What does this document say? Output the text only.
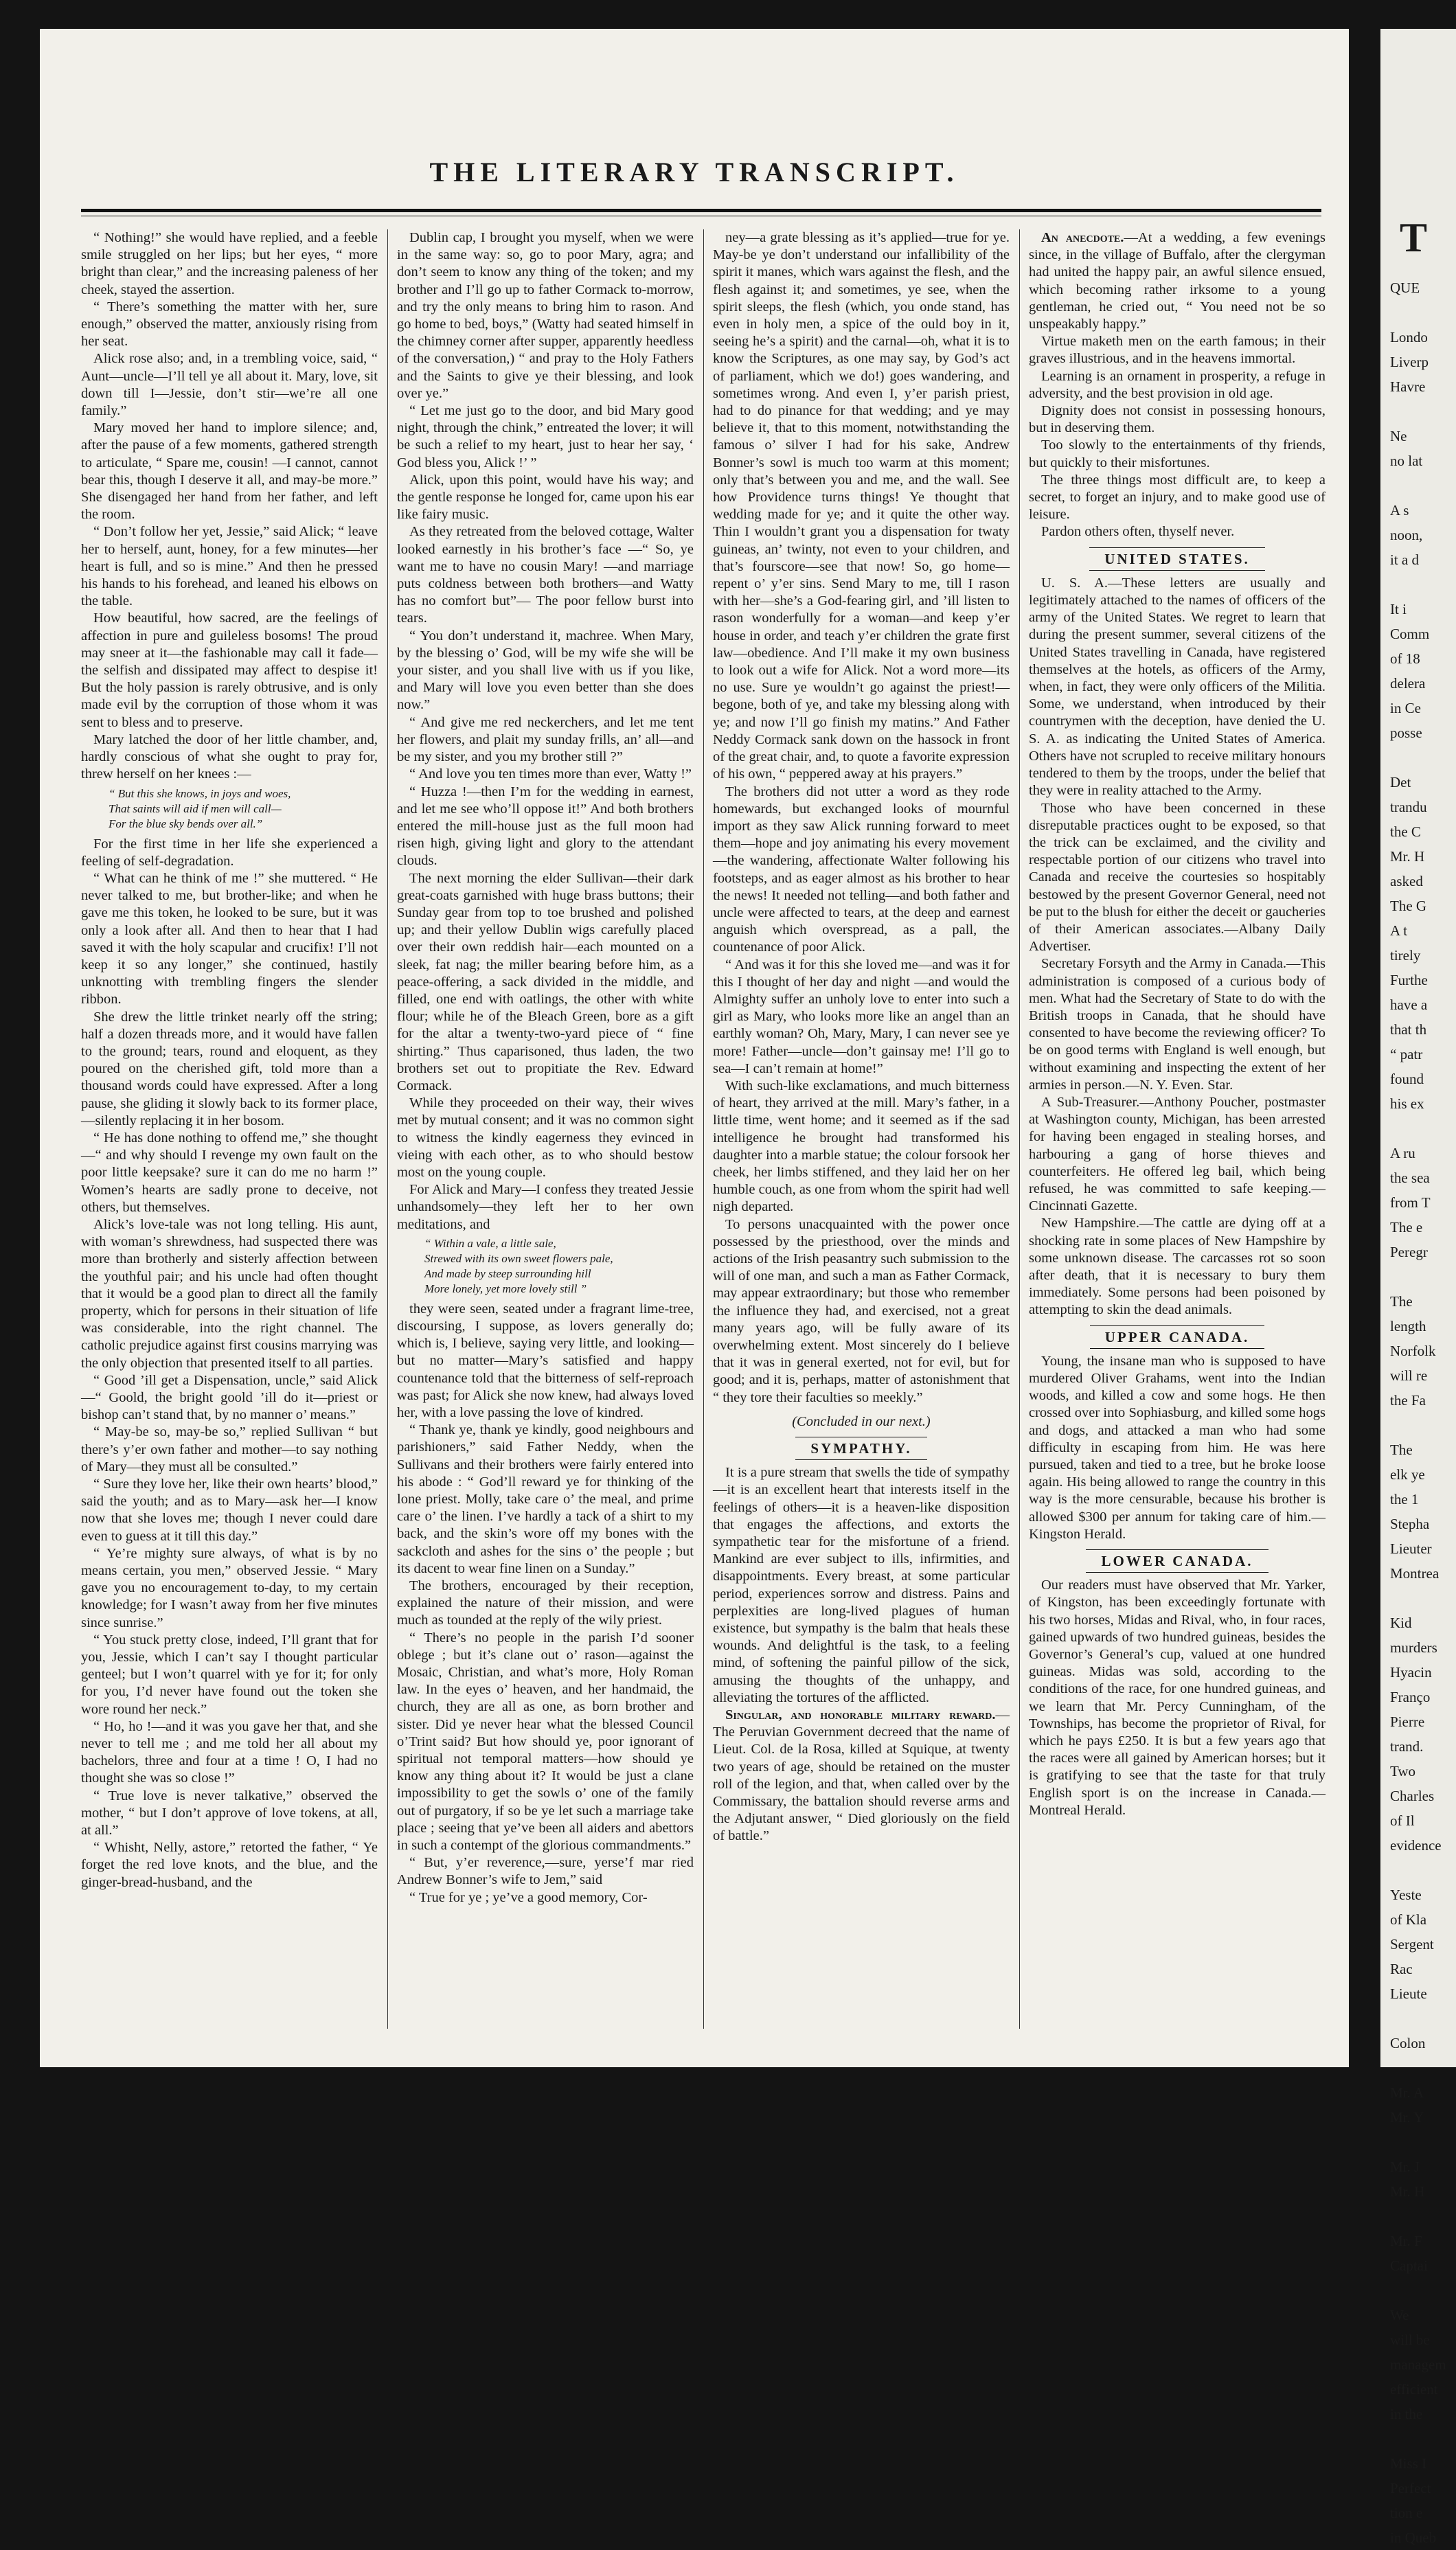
THE LITERARY TRANSCRIPT.

“ Nothing!” she would have replied, and a feeble smile struggled on her lips; but her eyes, “ more bright than clear,” and the increasing paleness of her cheek, stayed the assertion.

“ There’s something the matter with her, sure enough,” observed the matter, anxiously rising from her seat.

Alick rose also; and, in a trembling voice, said, “ Aunt—uncle—I’ll tell ye all about it. Mary, love, sit down till I—Jessie, don’t stir—we’re all one family.”

Mary moved her hand to implore silence; and, after the pause of a few moments, gathered strength to articulate, “ Spare me, cousin! —I cannot, cannot bear this, though I deserve it all, and may-be more.” She disengaged her hand from her father, and left the room.

“ Don’t follow her yet, Jessie,” said Alick; “ leave her to herself, aunt, honey, for a few minutes—her heart is full, and so is mine.” And then he pressed his hands to his forehead, and leaned his elbows on the table.

How beautiful, how sacred, are the feelings of affection in pure and guileless bosoms! The proud may sneer at it—the fashionable may call it fade—the selfish and dissipated may affect to despise it! But the holy passion is rarely obtrusive, and is only made evil by the corruption of those whom it was sent to bless and to preserve.

Mary latched the door of her little chamber, and, hardly conscious of what she ought to pray for, threw herself on her knees :—

“ But this she knows, in joys and woes,
That saints will aid if men will call—
For the blue sky bends over all.”

For the first time in her life she experienced a feeling of self-degradation.

“ What can he think of me !” she muttered. “ He never talked to me, but brother-like; and when he gave me this token, he looked to be sure, but it was only a look after all. And then to hear that I had saved it with the holy scapular and crucifix! I’ll not keep it so any longer,” she continued, hastily unknotting with trembling fingers the slender ribbon.

She drew the little trinket nearly off the string; half a dozen threads more, and it would have fallen to the ground; tears, round and eloquent, as they poured on the cherished gift, told more than a thousand words could have expressed. After a long pause, she gliding it slowly back to its former place,—silently replacing it in her bosom.

“ He has done nothing to offend me,” she thought—“ and why should I revenge my own fault on the poor little keepsake? sure it can do me no harm !” Women’s hearts are sadly prone to deceive, not others, but themselves.

Alick’s love-tale was not long telling. His aunt, with woman’s shrewdness, had suspected there was more than brotherly and sisterly affection between the youthful pair; and his uncle had often thought that it would be a good plan to direct all the family property, which for persons in their situation of life was considerable, into the right channel. The catholic prejudice against first cousins marrying was the only objection that presented itself to all parties.

“ Good ’ill get a Dispensation, uncle,” said Alick—“ Goold, the bright goold ’ill do it—priest or bishop can’t stand that, by no manner o’ means.”

“ May-be so, may-be so,” replied Sullivan “ but there’s y’er own father and mother—to say nothing of Mary—they must all be consulted.”

“ Sure they love her, like their own hearts’ blood,” said the youth; and as to Mary—ask her—I know now that she loves me; though I never could dare even to guess at it till this day.”

“ Ye’re mighty sure always, of what is by no means certain, you men,” observed Jessie. “ Mary gave you no encouragement to-day, to my certain knowledge; for I wasn’t away from her five minutes since sunrise.”

“ You stuck pretty close, indeed, I’ll grant that for you, Jessie, which I can’t say I thought particular genteel; but I won’t quarrel with ye for it; for only for you, I’d never have found out the token she wore round her neck.”

“ Ho, ho !—and it was you gave her that, and she never to tell me ; and me told her all about my bachelors, three and four at a time ! O, I had no thought she was so close !”

“ True love is never talkative,” observed the mother, “ but I don’t approve of love tokens, at all, at all.”

“ Whisht, Nelly, astore,” retorted the father, “ Ye forget the red love knots, and the blue, and the ginger-bread-husband, and the

Dublin cap, I brought you myself, when we were in the same way: so, go to poor Mary, agra; and don’t seem to know any thing of the token; and my brother and I’ll go up to father Cormack to-morrow, and try the only means to bring him to rason. And go home to bed, boys,” (Watty had seated himself in the chimney corner after supper, apparently heedless of the conversation,) “ and pray to the Holy Fathers and the Saints to give ye their blessing, and look over ye.”

“ Let me just go to the door, and bid Mary good night, through the chink,” entreated the lover; it will be such a relief to my heart, just to hear her say, ‘ God bless you, Alick !’ ”

Alick, upon this point, would have his way; and the gentle response he longed for, came upon his ear like fairy music.

As they retreated from the beloved cottage, Walter looked earnestly in his brother’s face —“ So, ye want me to have no cousin Mary! —and marriage puts coldness between both brothers—and Watty has no comfort but”— The poor fellow burst into tears.

“ You don’t understand it, machree. When Mary, by the blessing o’ God, will be my wife she will be your sister, and you shall live with us if you like, and Mary will love you even better than she does now.”

“ And give me red neckerchers, and let me tent her flowers, and plait my sunday frills, an’ all—and be my sister, and you my brother still ?”

“ And love you ten times more than ever, Watty !”

“ Huzza !—then I’m for the wedding in earnest, and let me see who’ll oppose it!” And both brothers entered the mill-house just as the full moon had risen high, giving light and glory to the attendant clouds.

The next morning the elder Sullivan—their dark great-coats garnished with huge brass buttons; their Sunday gear from top to toe brushed and polished up; and their yellow Dublin wigs carefully placed over their own reddish hair—each mounted on a sleek, fat nag; the miller bearing before him, as a peace-offering, a sack divided in the middle, and filled, one end with oatlings, the other with white flour; while he of the Bleach Green, bore as a gift for the altar a twenty-two-yard piece of “ fine shirting.” Thus caparisoned, thus laden, the two brothers set out to propitiate the Rev. Edward Cormack.

While they proceeded on their way, their wives met by mutual consent; and it was no common sight to witness the kindly eagerness they evinced in vieing with each other, as to who should bestow most on the young couple.

For Alick and Mary—I confess they treated Jessie unhandsomely—they left her to her own meditations, and

“ Within a vale, a little sale,
Strewed with its own sweet flowers pale,
And made by steep surrounding hill
More lonely, yet more lovely still ”

they were seen, seated under a fragrant lime-tree, discoursing, I suppose, as lovers generally do; which is, I believe, saying very little, and looking—but no matter—Mary’s satisfied and happy countenance told that the bitterness of self-reproach was past; for Alick she now knew, had always loved her, with a love passing the love of kindred.

“ Thank ye, thank ye kindly, good neighbours and parishioners,” said Father Neddy, when the Sullivans and their brothers were fairly entered into his abode : “ God’ll reward ye for thinking of the lone priest. Molly, take care o’ the meal, and prime care o’ the linen. I’ve hardly a tack of a shirt to my back, and the skin’s wore off my bones with the sackcloth and ashes for the sins o’ the people ; but its dacent to wear fine linen on a Sunday.”

The brothers, encouraged by their reception, explained the nature of their mission, and were much as tounded at the reply of the wily priest.

“ There’s no people in the parish I’d sooner oblege ; but it’s clane out o’ rason—against the Mosaic, Christian, and what’s more, Holy Roman law. In the eyes o’ heaven, and her handmaid, the church, they are all as one, as born brother and sister. Did ye never hear what the blessed Council o’Trint said? But how should ye, poor ignorant of spiritual not temporal matters—how should ye know any thing about it? It would be just a clane impossibility to get the sowls o’ one of the family out of purgatory, if so be ye let such a marriage take place ; seeing that ye’ve been all aiders and abettors in such a contempt of the glorious commandments.”

“ But, y’er reverence,—sure, yerse’f mar ried Andrew Bonner’s wife to Jem,” said

“ True for ye ; ye’ve a good memory, Cor-

ney—a grate blessing as it’s applied—true for ye. May-be ye don’t understand our infallibility of the spirit it manes, which wars against the flesh, and the flesh against it; and sometimes, ye see, when the spirit sleeps, the flesh (which, you onde stand, has even in holy men, a spice of the ould boy in it, seeing he’s a spirit) and the carnal—oh, what it is to know the Scriptures, as one may say, by God’s act of parliament, which we do!) goes wandering, and sometimes wrong. And even I, y’er parish priest, had to do pinance for that wedding; and ye may believe it, that to this moment, notwithstanding the famous o’ silver I had for his sake, Andrew Bonner’s sowl is much too warm at this moment; only that’s between you and me, and the wall. See how Providence turns things! Ye thought that wedding made for ye; and it quite the other way. Thin I wouldn’t grant you a dispensation for twaty guineas, an’ twinty, not even to your children, and that’s fourscore—see that now! So, go home—repent o’ y’er sins. Send Mary to me, till I rason with her—she’s a God-fearing girl, and ’ill listen to rason wonderfully for a woman—and keep y’er house in order, and teach y’er children the grate first law—obedience. And I’ll make it my own business to look out a wife for Alick. Not a word more—its no use. Sure ye wouldn’t go against the priest!—begone, both of ye, and take my blessing along with ye; and now I’ll go finish my matins.” And Father Neddy Cormack sank down on the hassock in front of the great chair, and, to quote a favorite expression of his own, “ peppered away at his prayers.”

The brothers did not utter a word as they rode homewards, but exchanged looks of mournful import as they saw Alick running forward to meet them—hope and joy animating his every movement—the wandering, affectionate Walter following his footsteps, and as eager almost as his brother to hear the news! It needed not telling—and both father and uncle were affected to tears, at the deep and earnest anguish which overspread, as a pall, the countenance of poor Alick.

“ And was it for this she loved me—and was it for this I thought of her day and night —and would the Almighty suffer an unholy love to enter into such a girl as Mary, who looks more like an angel than an earthly woman? Oh, Mary, Mary, I can never see ye more! Father—uncle—don’t gainsay me! I’ll go to sea—I can’t remain at home!”

With such-like exclamations, and much bitterness of heart, they arrived at the mill. Mary’s father, in a little time, went home; and it seemed as if the sad intelligence he brought had transformed his daughter into a marble statue; the colour forsook her cheek, her limbs stiffened, and they laid her on her humble couch, as one from whom the spirit had well nigh departed.

To persons unacquainted with the power once possessed by the priesthood, over the minds and actions of the Irish peasantry such submission to the will of one man, and such a man as Father Cormack, may appear extraordinary; but those who remember the influence they had, and exercised, not a great many years ago, will be fully aware of its overwhelming extent. Most sincerely do I believe that it was in general exerted, not for evil, but for good; and it is, perhaps, matter of astonishment that “ they tore their faculties so meekly.”

(Concluded in our next.)
SYMPATHY.

It is a pure stream that swells the tide of sympathy—it is an excellent heart that interests itself in the feelings of others—it is a heaven-like disposition that engages the affections, and extorts the sympathetic tear for the misfortune of a friend. Mankind are ever subject to ills, infirmities, and disappointments. Every breast, at some particular period, experiences sorrow and distress. Pains and perplexities are long-lived plagues of human existence, but sympathy is the balm that heals these wounds. And delightful is the task, to a feeling mind, of softening the painful pillow of the sick, amusing the thoughts of the unhappy, and alleviating the tortures of the afflicted.

Singular, and honorable military reward.—The Peruvian Government decreed that the name of Lieut. Col. de la Rosa, killed at Squique, at twenty two years of age, should be retained on the muster roll of the legion, and that, when called over by the Commissary, the battalion should reverse arms and the Adjutant answer, “ Died gloriously on the field of battle.”

An anecdote.—At a wedding, a few evenings since, in the village of Buffalo, after the clergyman had united the happy pair, an awful silence ensued, which becoming rather irksome to a young gentleman, he cried out, “ You need not be so unspeakably happy.”

Virtue maketh men on the earth famous; in their graves illustrious, and in the heavens immortal.

Learning is an ornament in prosperity, a refuge in adversity, and the best provision in old age.

Dignity does not consist in possessing honours, but in deserving them.

Too slowly to the entertainments of thy friends, but quickly to their misfortunes.

The three things most difficult are, to keep a secret, to forget an injury, and to make good use of leisure.

Pardon others often, thyself never.

UNITED STATES.

U. S. A.—These letters are usually and legitimately attached to the names of officers of the army of the United States. We regret to learn that during the present summer, several citizens of the United States travelling in Canada, have registered themselves at the hotels, as officers of the Army, when, in fact, they were only officers of the Militia. Some, we understand, when introduced by their countrymen with the deception, have denied the U. S. A. as indicating the United States of America. Others have not scrupled to receive military honours tendered to them by the troops, under the belief that they were in reality attached to the Army.

Those who have been concerned in these disreputable practices ought to be exposed, so that the trick can be exclaimed, and the civility and respectable portion of our citizens who travel into Canada and receive the courtesies so hospitably bestowed by the present Governor General, need not be put to the blush for either the deceit or gaucheries of their American associates.—Albany Daily Advertiser.

Secretary Forsyth and the Army in Canada.—This administration is composed of a curious body of men. What had the Secretary of State to do with the British troops in Canada, that he should have consented to have become the reviewing officer? To be on good terms with England is well enough, but without examining and inspecting the extent of her armies in person.—N. Y. Even. Star.

A Sub-Treasurer.—Anthony Poucher, postmaster at Washington county, Michigan, has been arrested for having been engaged in stealing horses, and harbouring a gang of horse thieves and counterfeiters. He offered leg bail, which being refused, he was committed to safe keeping.—Cincinnati Gazette.

New Hampshire.—The cattle are dying off at a shocking rate in some places of New Hampshire by some unknown disease. The carcasses rot so soon after death, that it is necessary to bury them immediately. Some persons had been poisoned by attempting to skin the dead animals.

UPPER CANADA.

Young, the insane man who is supposed to have murdered Oliver Grahams, went into the Indian woods, and killed a cow and some hogs. He then crossed over into Sophiasburg, and killed some hogs and dogs, and attacked a man who had some difficulty in escaping from him. He was here pursued, taken and tied to a tree, but he broke loose again. His being allowed to range the country in this way is the more censurable, because his brother is allowed $300 per annum for taking care of him.—Kingston Herald.

LOWER CANADA.

Our readers must have observed that Mr. Yarker, of Kingston, has been exceedingly fortunate with his two horses, Midas and Rival, who, in four races, gained upwards of two hundred guineas, besides the Governor’s General’s cup, valued at one hundred guineas. Midas was sold, according to the conditions of the race, for one hundred guineas, and we learn that Mr. Percy Cunningham, of the Townships, has become the proprietor of Rival, for which he pays £250. It is but a few years ago that the races were all gained by American horses; but it is gratifying to see that the taste for that truly English sport is on the increase in Canada.—Montreal Herald.

T
QUE

Londo
Liverp
Havre

Ne
no lat

A s
noon,
it a d

It i
Comm
of 18
delera
in Ce
posse

Det
trandu
the C
Mr. H
asked
The G
A t
tirely
Furthe
have a
that th
“ patr
found
his ex

A ru
the sea
from T
The e
Peregr

The
length
Norfolk
will re
the Fa

The
elk ye
the 1
Stepha
Lieuter
Montrea

Kid
murders
Hyacin
Franço
Pierre
trand.
Two
Charles
of Il
evidence

Yeste
of Kla
Sergent
Rac
Lieute

Colon

Mr. A
Mr. Y

Mr. J
Mr. H

Mr. F
Captai

We
will be
managem
efficient
in the

Miss I
Perfect
tion e
in Queb
